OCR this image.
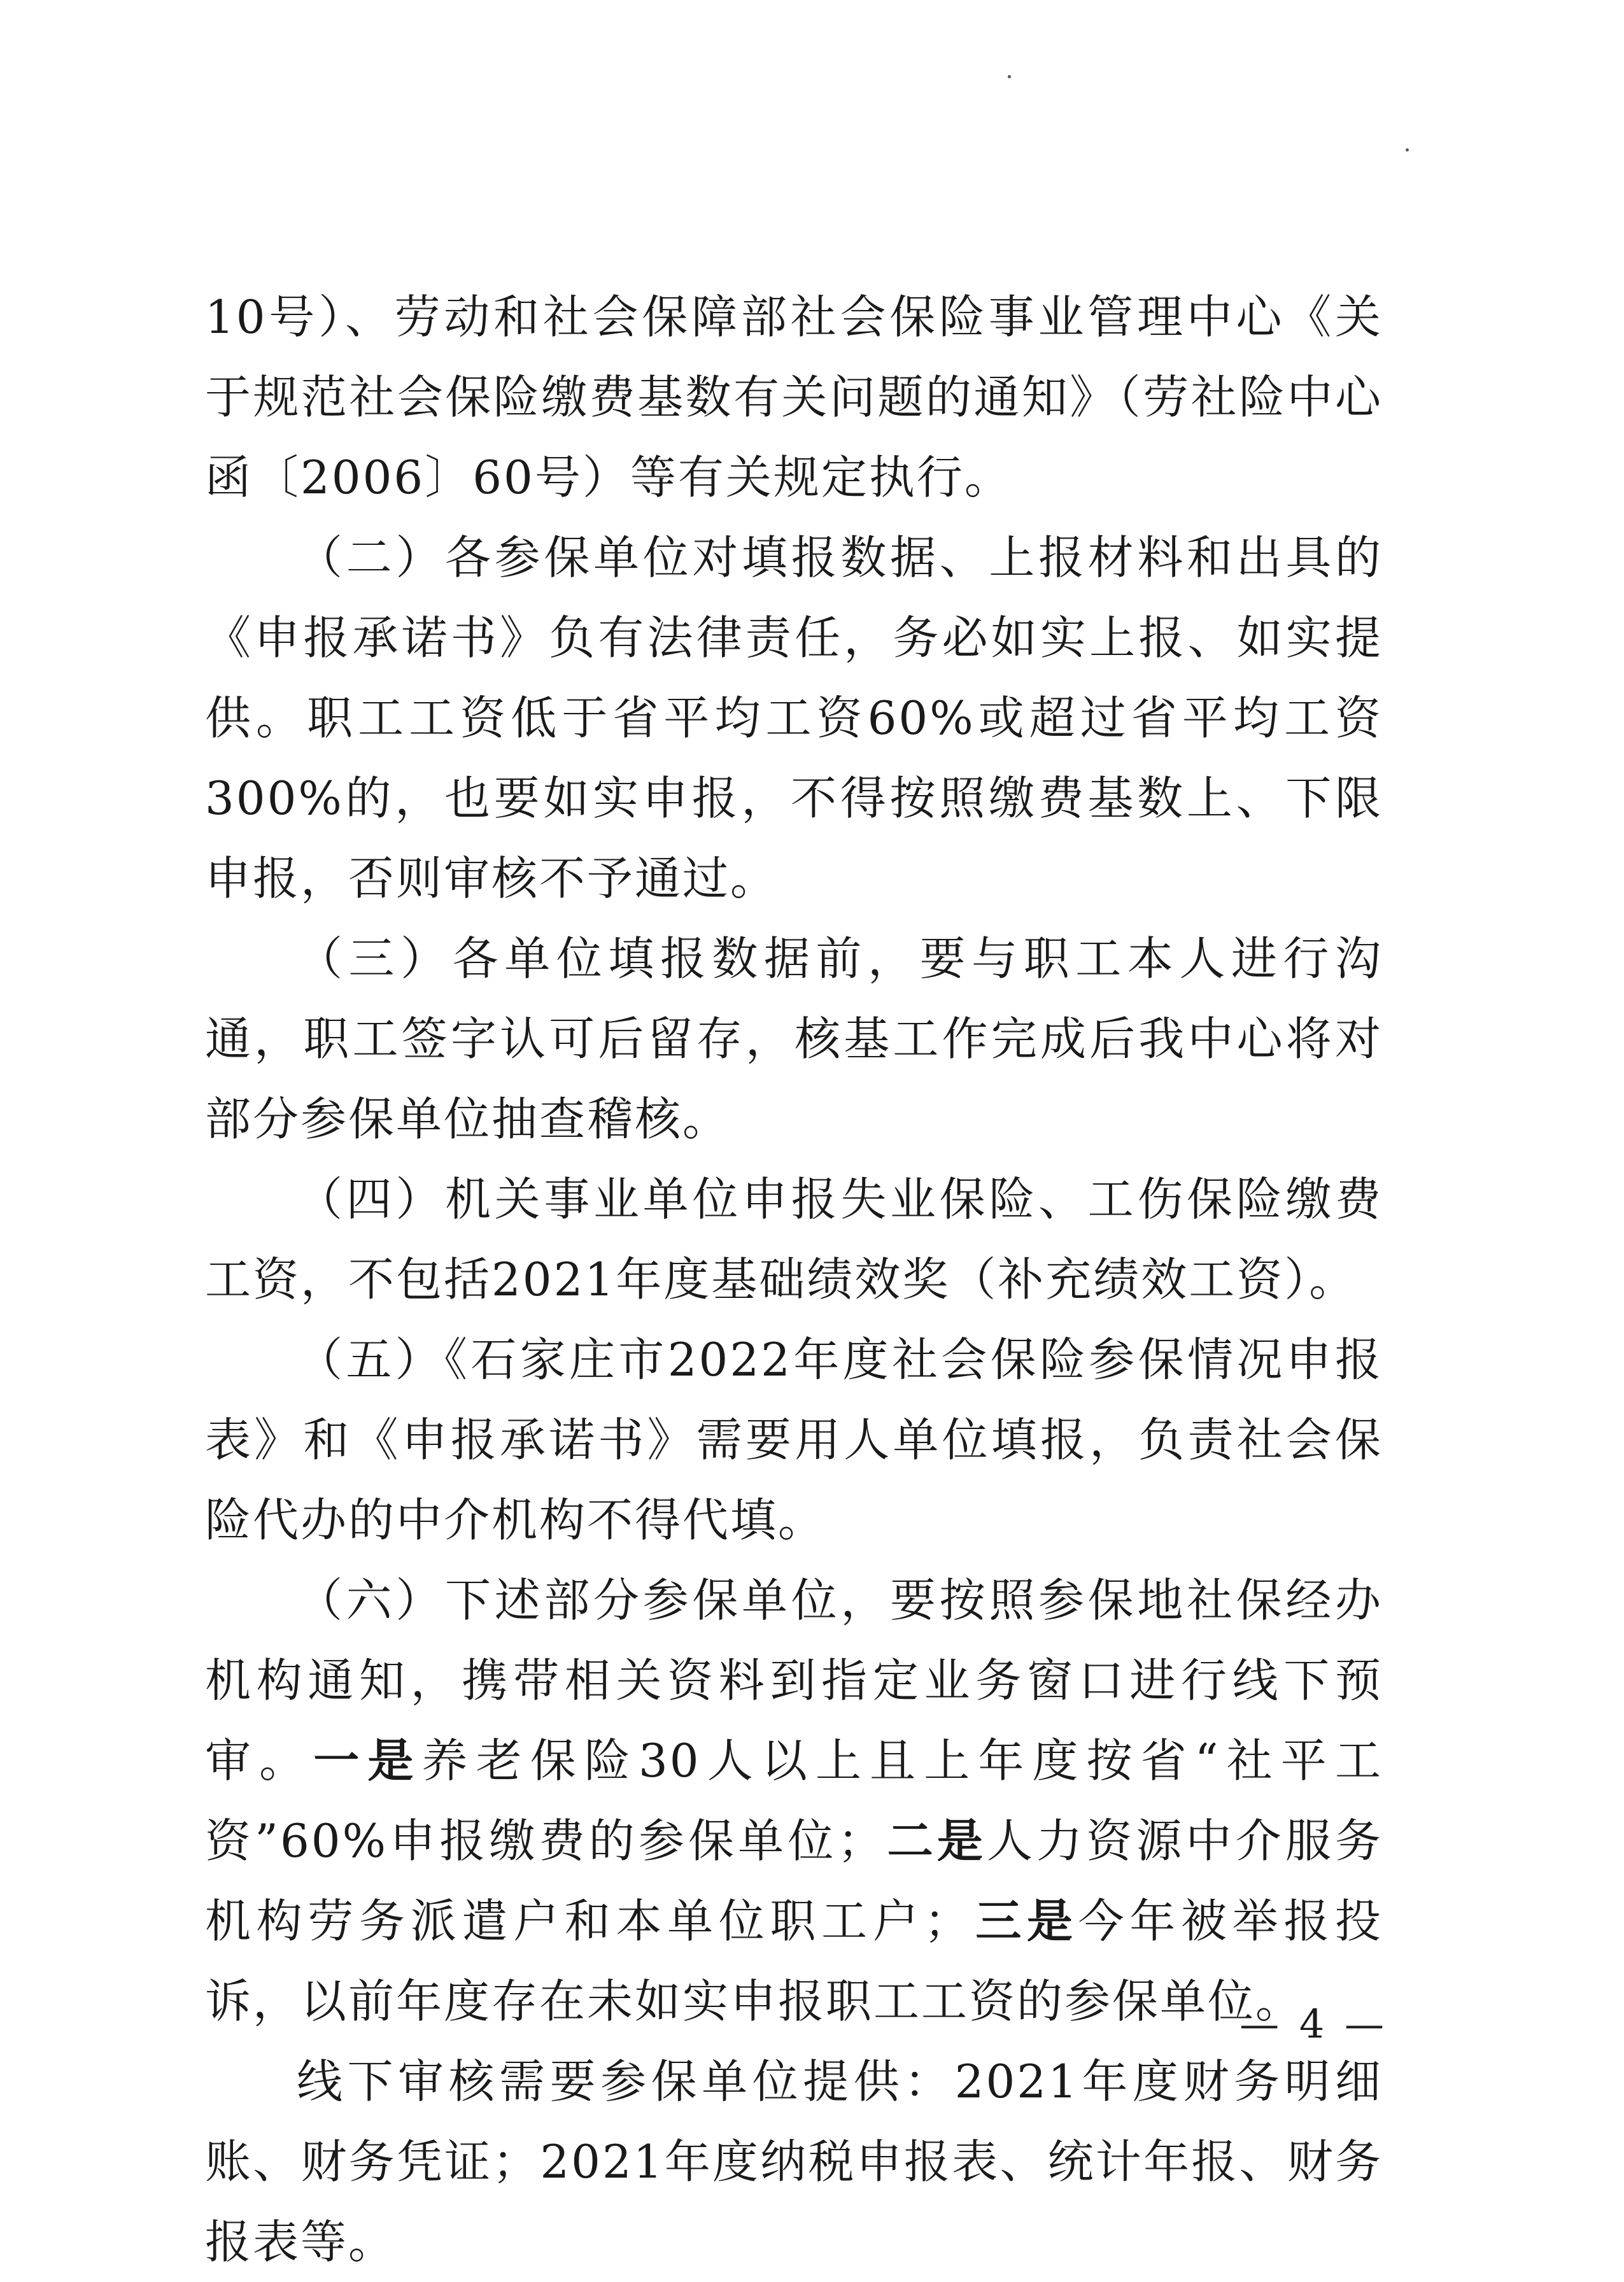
10号）、劳动和社会保障部社会保险事业管理中心《关于规范社会保险缴费基数有关问题的通知》（劳社险中心函〔2006〕60号）等有关规定执行。

（二）各参保单位对填报数据、上报材料和出具的《申报承诺书》负有法律责任，务必如实上报、如实提供。职工工资低于省平均工资60%或超过省平均工资300%的，也要如实申报，不得按照缴费基数上、下限申报，否则审核不予通过。

（三）各单位填报数据前，要与职工本人进行沟通，职工签字认可后留存，核基工作完成后我中心将对部分参保单位抽查稽核。

（四）机关事业单位申报失业保险、工伤保险缴费工资，不包括2021年度基础绩效奖（补充绩效工资）。

（五）《石家庄市2022年度社会保险参保情况申报表》和《申报承诺书》需要用人单位填报，负责社会保险代办的中介机构不得代填。

（六）下述部分参保单位，要按照参保地社保经办机构通知，携带相关资料到指定业务窗口进行线下预审。一是养老保险30人以上且上年度按省“社平工资”60%申报缴费的参保单位；二是人力资源中介服务机构劳务派遣户和本单位职工户；三是今年被举报投诉，以前年度存在未如实申报职工工资的参保单位。

线下审核需要参保单位提供：2021年度财务明细账、财务凭证；2021年度纳税申报表、统计年报、财务报表等。

— 4 —
